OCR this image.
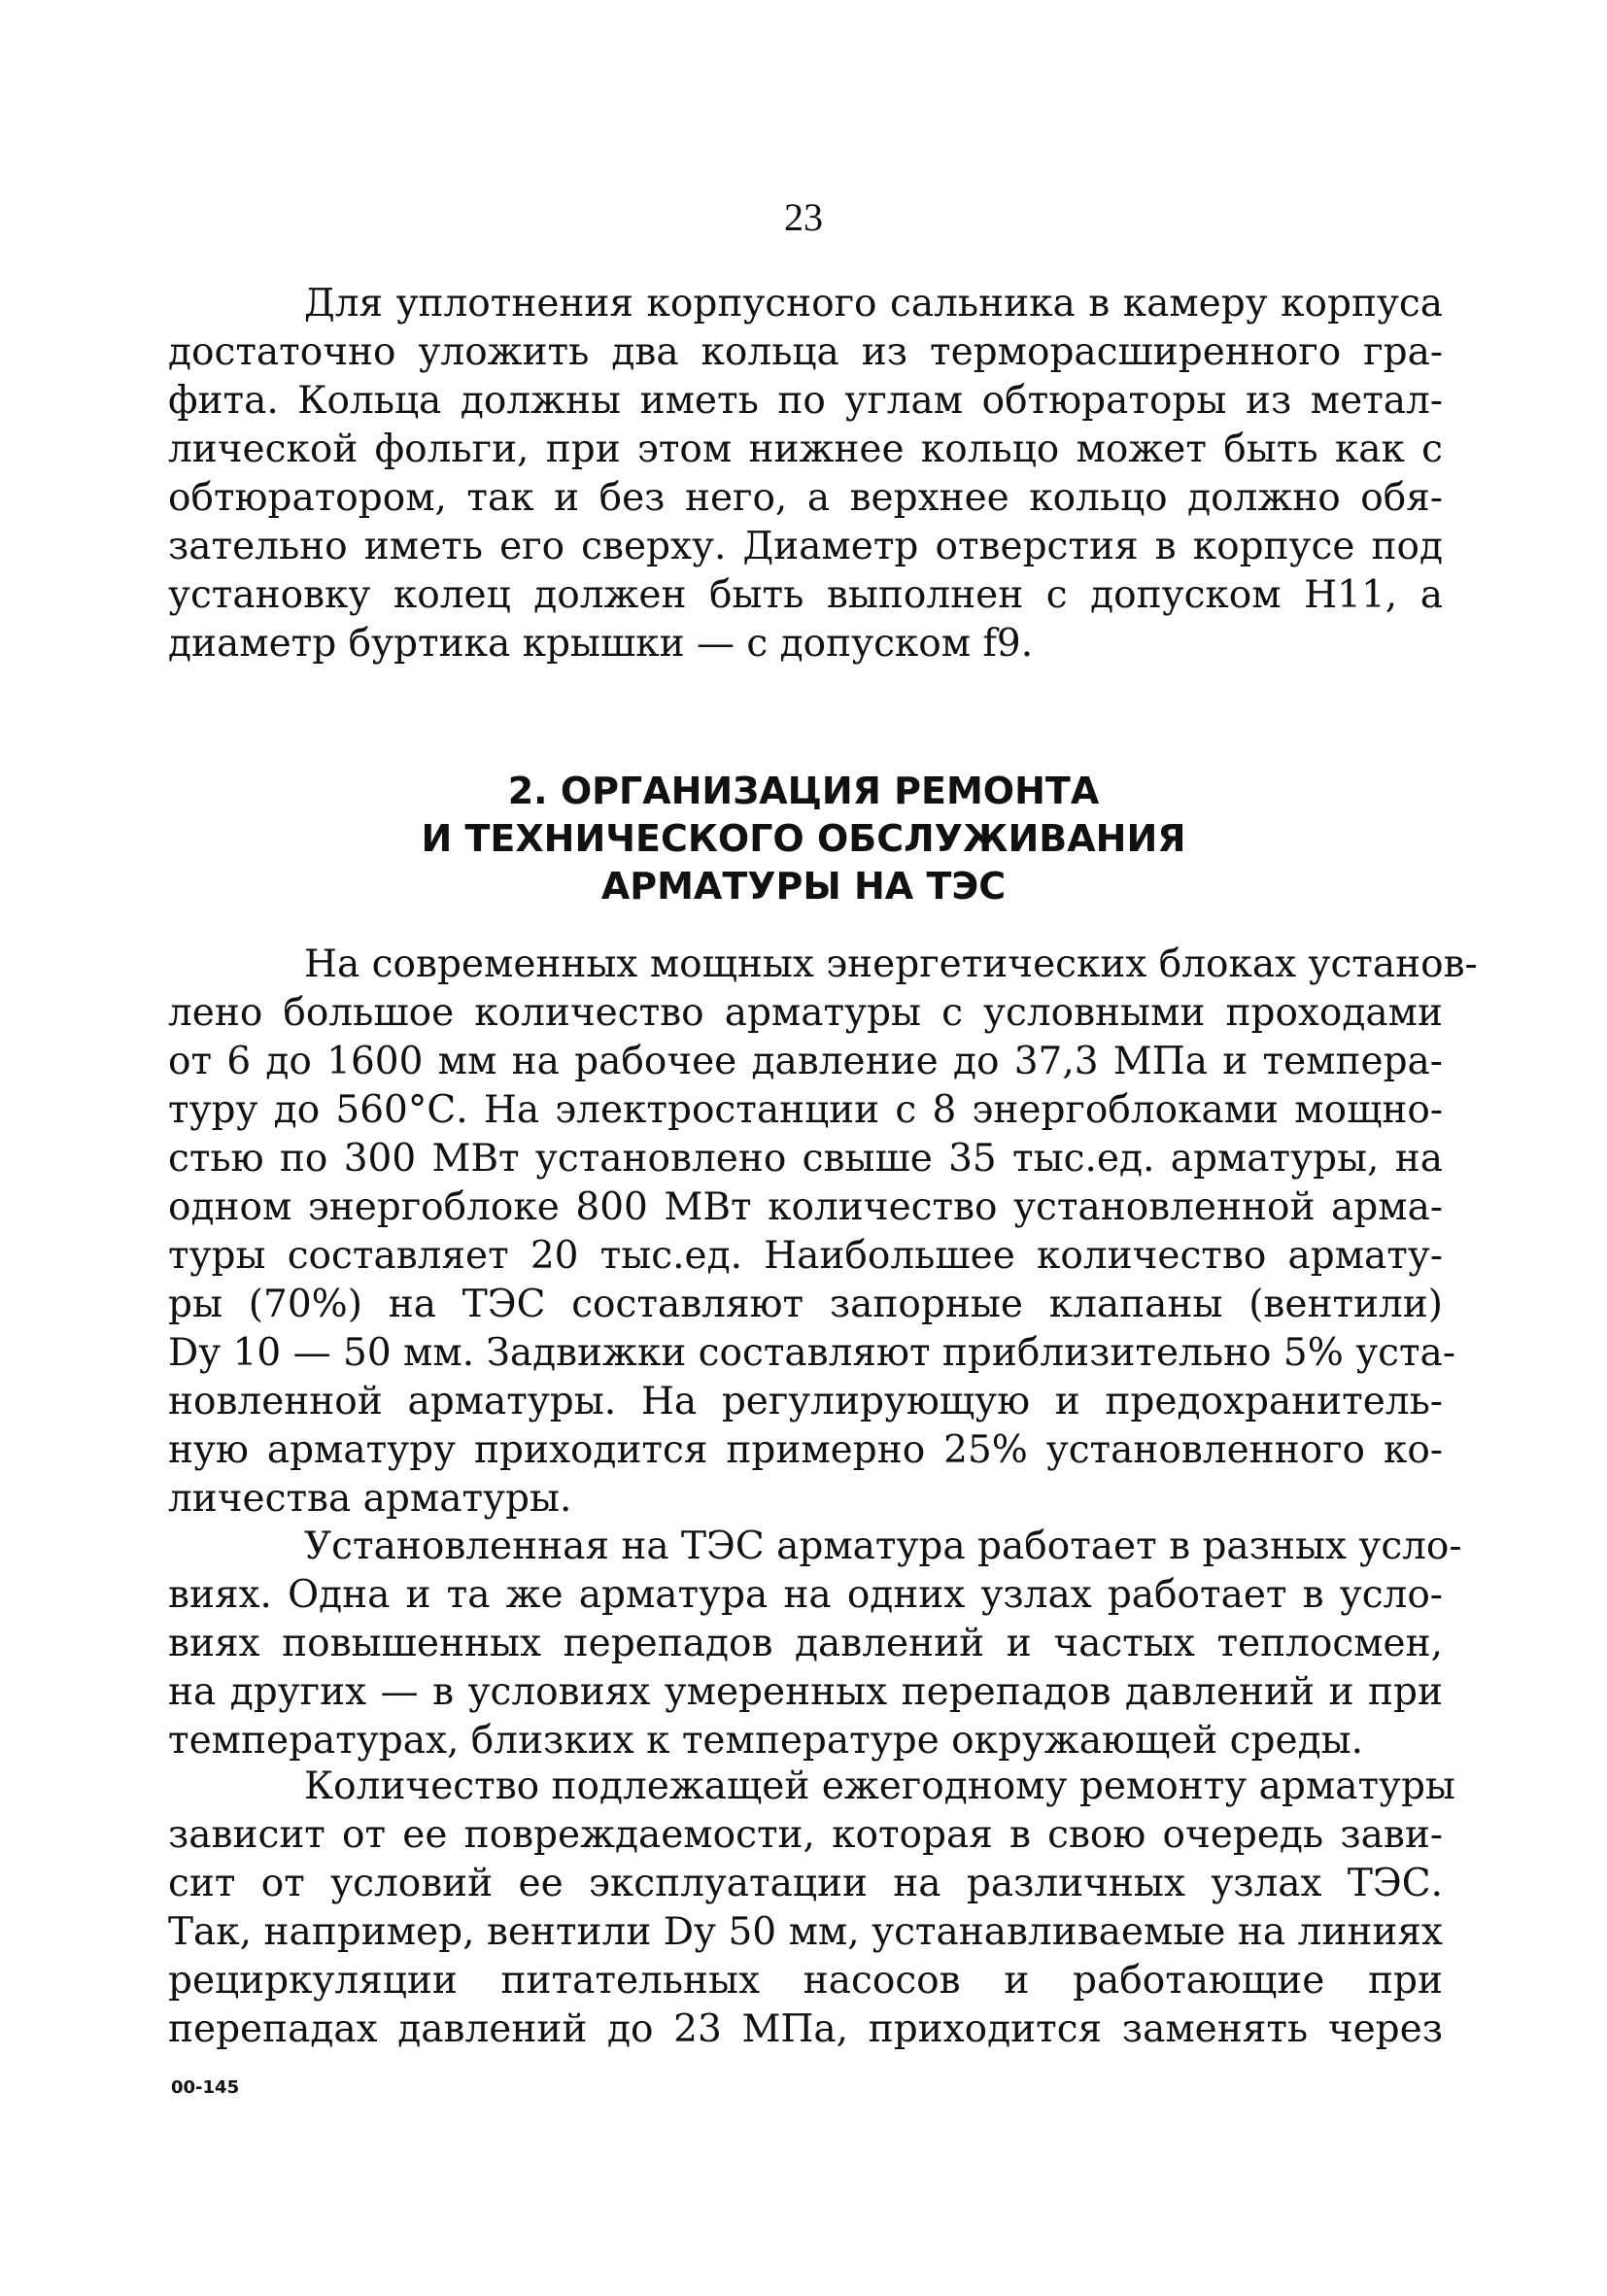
23
Для уплотнения корпусного сальника в камеру корпуса
достаточно уложить два кольца из терморасширенного гра-
фита. Кольца должны иметь по углам обтюраторы из метал-
лической фольги, при этом нижнее кольцо может быть как с
обтюратором, так и без него, а верхнее кольцо должно обя-
зательно иметь его сверху. Диаметр отверстия в корпусе под
установку колец должен быть выполнен с допуском H11, а
диаметр буртика крышки — с допуском f9.
2. ОРГАНИЗАЦИЯ РЕМОНТА
И ТЕХНИЧЕСКОГО ОБСЛУЖИВАНИЯ
АРМАТУРЫ НА ТЭС
На современных мощных энергетических блоках установ-
лено большое количество арматуры с условными проходами
от 6 до 1600 мм на рабочее давление до 37,3 МПа и темпера-
туру до 560°С. На электростанции с 8 энергоблоками мощно-
стью по 300 МВт установлено свыше 35 тыс.ед. арматуры, на
одном энергоблоке 800 МВт количество установленной арма-
туры составляет 20 тыс.ед. Наибольшее количество армату-
ры (70%) на ТЭС составляют запорные клапаны (вентили)
Dу 10 — 50 мм. Задвижки составляют приблизительно 5% уста-
новленной арматуры. На регулирующую и предохранитель-
ную арматуру приходится примерно 25% установленного ко-
личества арматуры.
Установленная на ТЭС арматура работает в разных усло-
виях. Одна и та же арматура на одних узлах работает в усло-
виях повышенных перепадов давлений и частых теплосмен,
на других — в условиях умеренных перепадов давлений и при
температурах, близких к температуре окружающей среды.
Количество подлежащей ежегодному ремонту арматуры
зависит от ее повреждаемости, которая в свою очередь зави-
сит от условий ее эксплуатации на различных узлах ТЭС.
Так, например, вентили Dу 50 мм, устанавливаемые на линиях
рециркуляции питательных насосов и работающие при
перепадах давлений до 23 МПа, приходится заменять через
00-145
